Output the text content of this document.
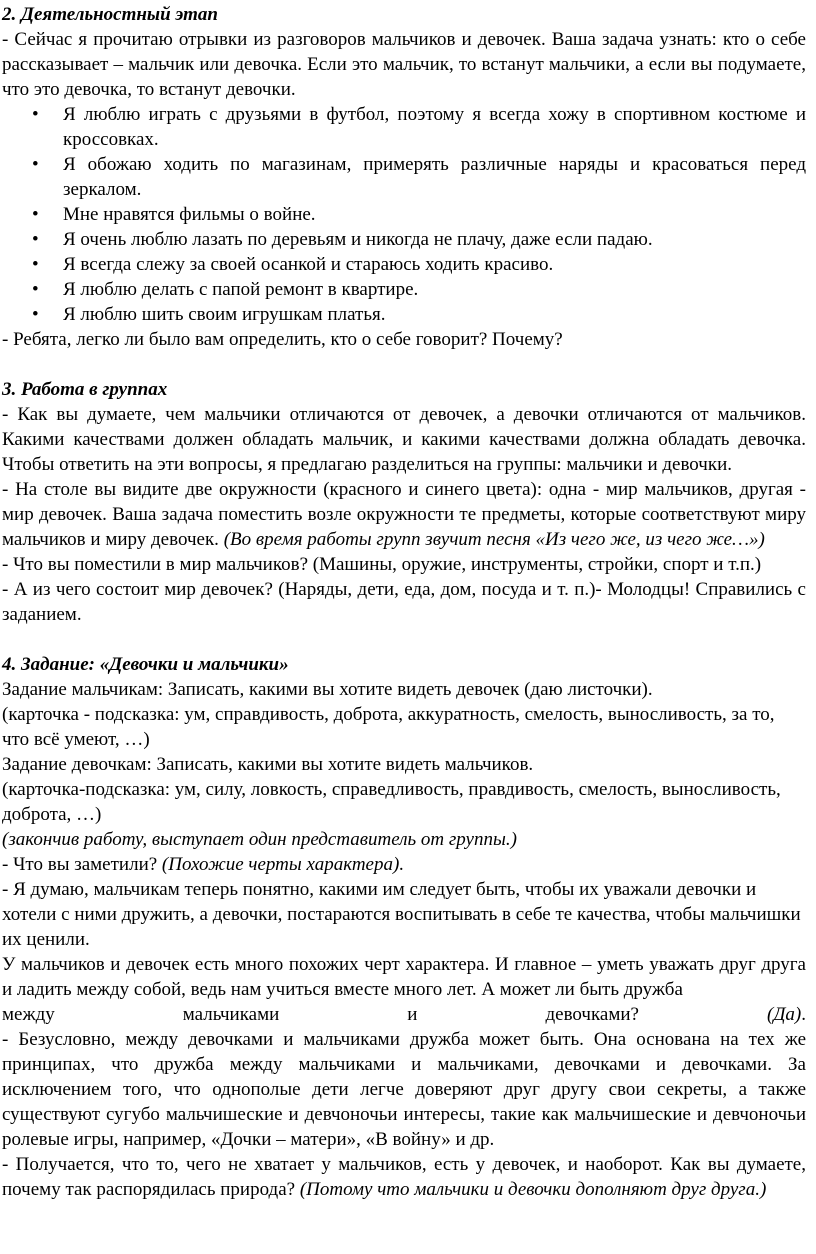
2. Деятельностный этап

- Сейчас я прочитаю отрывки из разговоров мальчиков и девочек. Ваша задача узнать: кто о себе рассказывает – мальчик или девочка. Если это мальчик, то встанут мальчики, а если вы подумаете, что это девочка, то встанут девочки.

• Я люблю играть с друзьями в футбол, поэтому я всегда хожу в спортивном костюме и кроссовках.
• Я обожаю ходить по магазинам, примерять различные наряды и красоваться перед зеркалом.
• Мне нравятся фильмы о войне.
• Я очень люблю лазать по деревьям и никогда не плачу, даже если падаю.
• Я всегда слежу за своей осанкой и стараюсь ходить красиво.
• Я люблю делать с папой ремонт в квартире.
• Я люблю шить своим игрушкам платья.

- Ребята, легко ли было вам определить, кто о себе говорит? Почему?

3. Работа в группах

- Как вы думаете, чем мальчики отличаются от девочек, а девочки отличаются от мальчиков. Какими качествами должен обладать мальчик, и какими качествами должна обладать девочка. Чтобы ответить на эти вопросы, я предлагаю разделиться на группы: мальчики и девочки.

- На столе вы видите две окружности (красного и синего цвета): одна - мир мальчиков, другая - мир девочек. Ваша задача поместить возле окружности те предметы, которые соответствуют миру мальчиков и миру девочек. (Во время работы групп звучит песня «Из чего же, из чего же…»)

- Что вы поместили в мир мальчиков? (Машины, оружие, инструменты, стройки, спорт и т.п.)

- А из чего состоит мир девочек? (Наряды, дети, еда, дом, посуда и т. п.)- Молодцы! Справились с заданием.

4. Задание: «Девочки и мальчики»

Задание мальчикам: Записать, какими вы хотите видеть девочек (даю листочки).

(карточка - подсказка: ум, справдивость, доброта, аккуратность, смелость, выносливость, за то, что всё умеют, …)

Задание девочкам: Записать, какими вы хотите видеть мальчиков.

(карточка-подсказка: ум, силу, ловкость, справедливость, правдивость, смелость, выносливость, доброта, …)

(закончив работу, выступает один представитель от группы.)

- Что вы заметили? (Похожие черты характера).

- Я думаю, мальчикам теперь понятно, какими им следует быть, чтобы их уважали девочки и хотели с ними дружить, а девочки, постараются воспитывать в себе те качества, чтобы мальчишки их ценили.

У мальчиков и девочек есть много похожих черт характера. И главное – уметь уважать друг друга и ладить между собой, ведь нам учиться вместе много лет. А может ли быть дружба

между	мальчиками	и	девочками?	(Да).

- Безусловно, между девочками и мальчиками дружба может быть. Она основана на тех же принципах, что дружба между мальчиками и мальчиками, девочками и девочками. За исключением того, что однополые дети легче доверяют друг другу свои секреты, а также существуют сугубо мальчишеские и девчоночьи интересы, такие как мальчишеские и девчоночьи ролевые игры, например, «Дочки – матери», «В войну» и др.

- Получается, что то, чего не хватает у мальчиков, есть у девочек, и наоборот. Как вы думаете, почему так распорядилась природа? (Потому что мальчики и девочки дополняют друг друга.)
